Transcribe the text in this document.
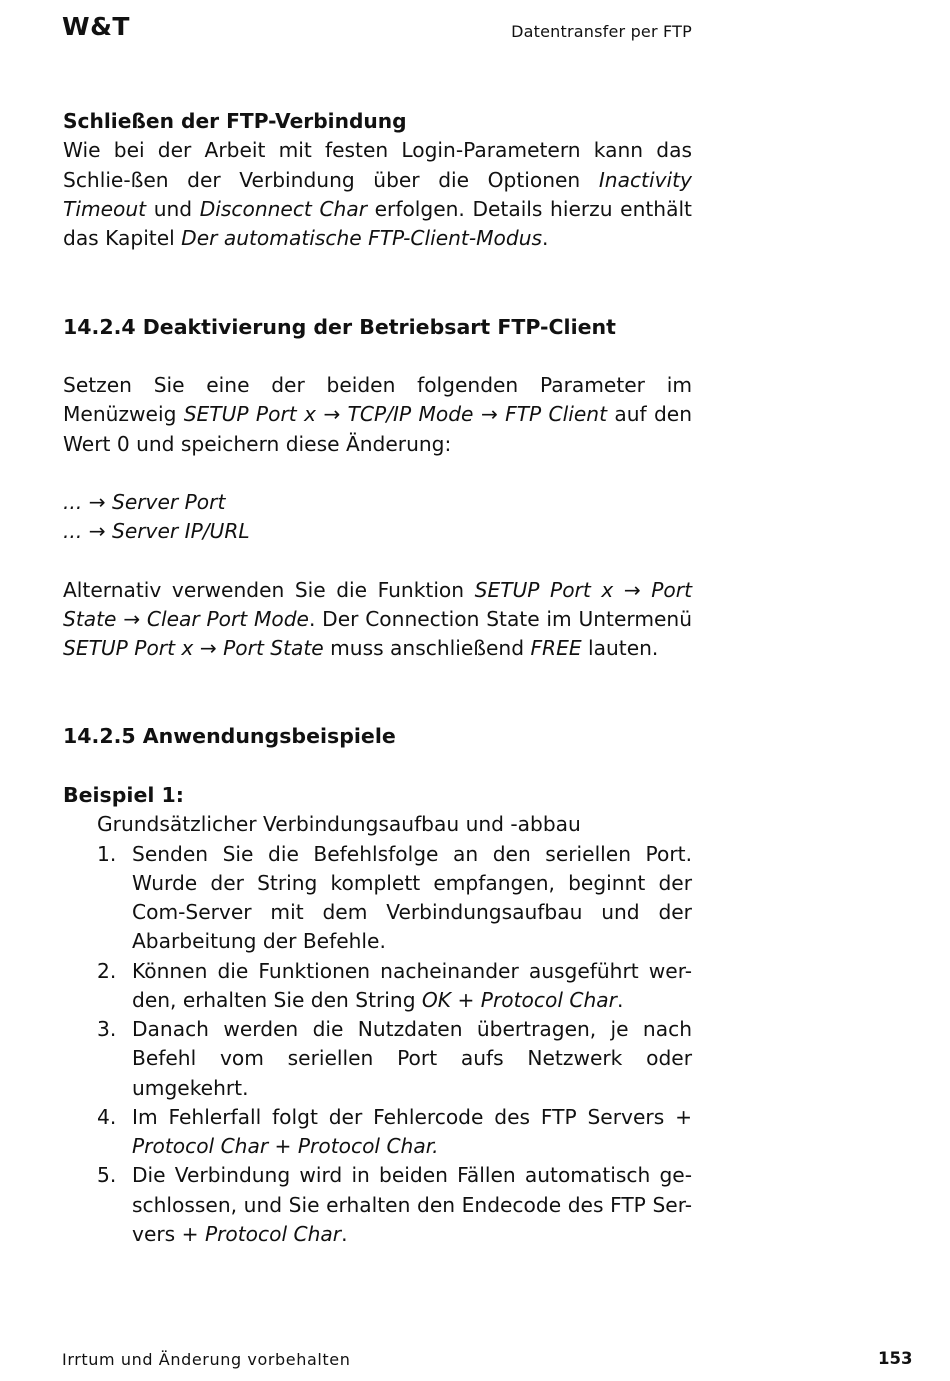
W&T	Datentransfer per FTP

Schließen der FTP-Verbindung

Wie bei der Arbeit mit festen Login-Parametern kann das Schlie-ßen der Verbindung über die Optionen Inactivity Timeout und Disconnect Char erfolgen. Details hierzu enthält das Kapitel Der automatische FTP-Client-Modus.

14.2.4 Deaktivierung der Betriebsart FTP-Client

Setzen Sie eine der beiden folgenden Parameter im Menüzweig SETUP Port x → TCP/IP Mode → FTP Client auf den Wert 0 und speichern diese Änderung:

... → Server Port

... → Server IP/URL

Alternativ verwenden Sie die Funktion SETUP Port x → Port State → Clear Port Mode. Der Connection State im Untermenü SETUP Port x → Port State muss anschließend FREE lauten.

14.2.5 Anwendungsbeispiele

Beispiel 1:

Grundsätzlicher Verbindungsaufbau und -abbau

1. Senden Sie die Befehlsfolge an den seriellen Port. Wurde der String komplett empfangen, beginnt der Com-Server mit dem Verbindungsaufbau und der Abarbeitung der Befehle.
2. Können die Funktionen nacheinander ausgeführt wer-den, erhalten Sie den String OK + Protocol Char.
3. Danach werden die Nutzdaten übertragen, je nach Befehl vom seriellen Port aufs Netzwerk oder umgekehrt.
4. Im Fehlerfall folgt der Fehlercode des FTP Servers + Protocol Char + Protocol Char.
5. Die Verbindung wird in beiden Fällen automatisch ge-schlossen, und Sie erhalten den Endecode des FTP Ser-vers + Protocol Char.
Irrtum und Änderung vorbehalten	153
